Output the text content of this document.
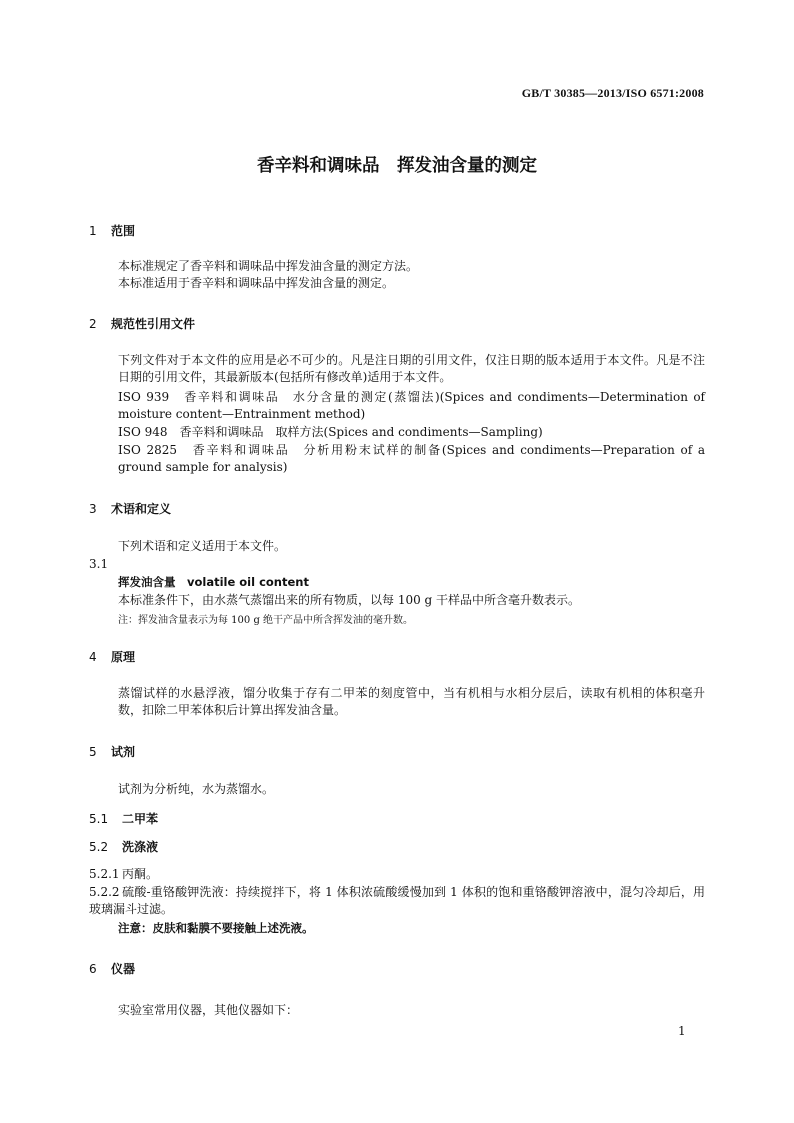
GB/T 30385—2013/ISO 6571:2008
香辛料和调味品　挥发油含量的测定
1 范围
本标准规定了香辛料和调味品中挥发油含量的测定方法。
本标准适用于香辛料和调味品中挥发油含量的测定。
2 规范性引用文件
下列文件对于本文件的应用是必不可少的。凡是注日期的引用文件，仅注日期的版本适用于本文件。凡是不注日期的引用文件，其最新版本(包括所有修改单)适用于本文件。
ISO 939　香辛料和调味品　水分含量的测定(蒸馏法)(Spices and condiments—Determination of moisture content—Entrainment method)
ISO 948　香辛料和调味品　取样方法(Spices and condiments—Sampling)
ISO 2825　香辛料和调味品　分析用粉末试样的制备(Spices and condiments—Preparation of a ground sample for analysis)
3 术语和定义
下列术语和定义适用于本文件。
3.1
挥发油含量　volatile oil content
本标准条件下，由水蒸气蒸馏出来的所有物质，以每 100 g 干样品中所含毫升数表示。
注：挥发油含量表示为每 100 g 绝干产品中所含挥发油的毫升数。
4 原理
蒸馏试样的水悬浮液，馏分收集于存有二甲苯的刻度管中，当有机相与水相分层后，读取有机相的体积毫升数，扣除二甲苯体积后计算出挥发油含量。
5 试剂
试剂为分析纯，水为蒸馏水。
5.1 二甲苯
5.2 洗涤液
5.2.1 丙酮。
5.2.2 硫酸-重铬酸钾洗液：持续搅拌下，将 1 体积浓硫酸缓慢加到 1 体积的饱和重铬酸钾溶液中，混匀冷却后，用玻璃漏斗过滤。
注意：皮肤和黏膜不要接触上述洗液。
6 仪器
实验室常用仪器，其他仪器如下：
1
